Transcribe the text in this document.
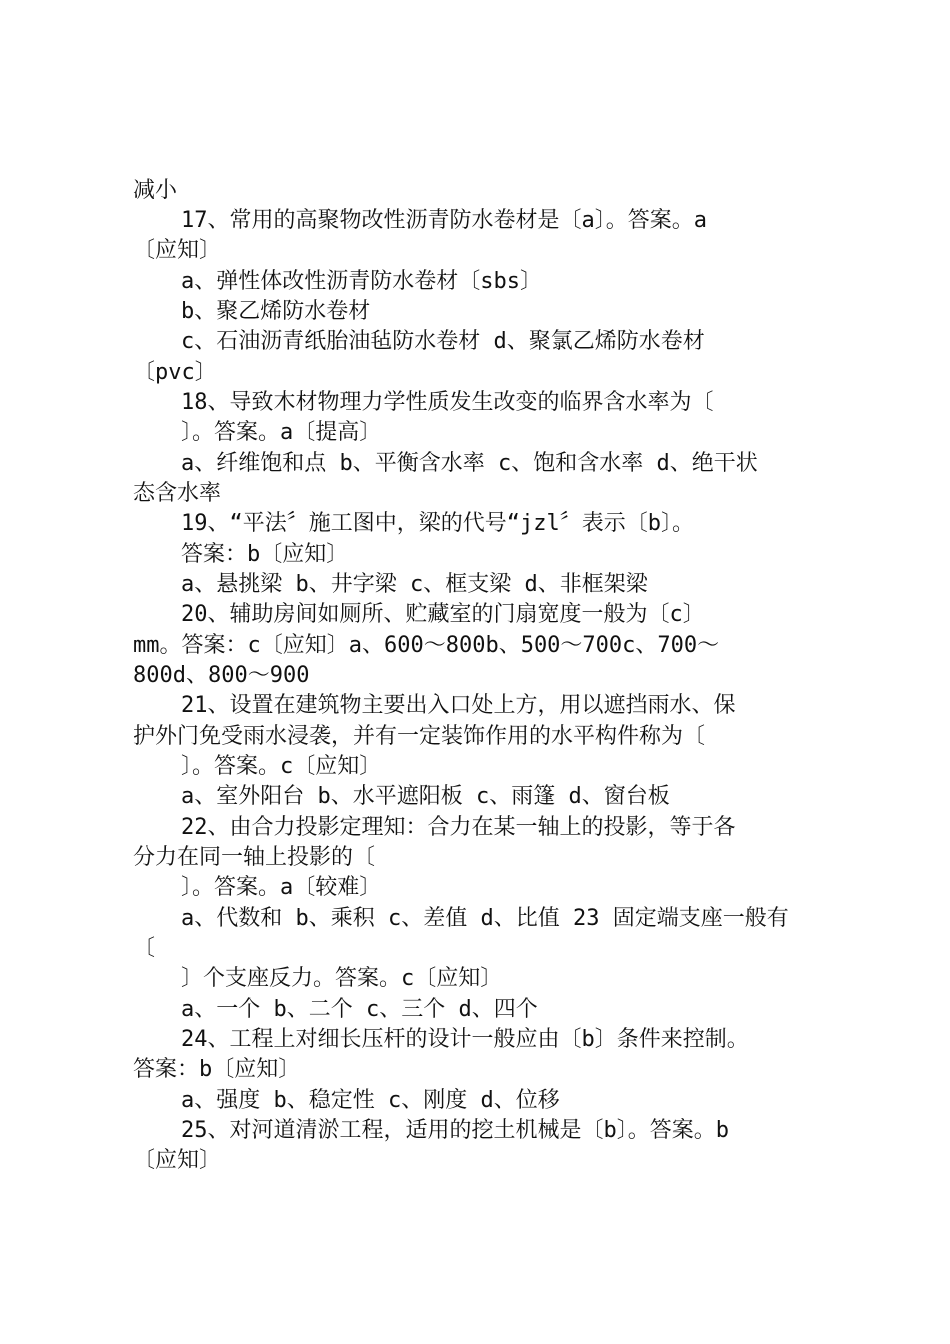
减小
17、常用的高聚物改性沥青防水卷材是〔a〕。答案。a
〔应知〕
a、弹性体改性沥青防水卷材〔sbs〕
b、聚乙烯防水卷材
c、石油沥青纸胎油毡防水卷材 d、聚氯乙烯防水卷材
〔pvc〕
18、导致木材物理力学性质发生改变的临界含水率为〔
〕。答案。a〔提高〕
a、纤维饱和点 b、平衡含水率 c、饱和含水率 d、绝干状
态含水率
19、“平法〞施工图中，梁的代号“jzl〞表示〔b〕。
答案：b〔应知〕
a、悬挑梁 b、井字梁 c、框支梁 d、非框架梁
20、辅助房间如厕所、贮藏室的门扇宽度一般为〔c〕
mm。答案：c〔应知〕a、600～800b、500～700c、700～
800d、800～900
21、设置在建筑物主要出入口处上方，用以遮挡雨水、保
护外门免受雨水浸袭，并有一定装饰作用的水平构件称为〔
〕。答案。c〔应知〕
a、室外阳台 b、水平遮阳板 c、雨篷 d、窗台板
22、由合力投影定理知：合力在某一轴上的投影，等于各
分力在同一轴上投影的〔
〕。答案。a〔较难〕
a、代数和 b、乘积 c、差值 d、比值 23 固定端支座一般有
〔
〕个支座反力。答案。c〔应知〕
a、一个 b、二个 c、三个 d、四个
24、工程上对细长压杆的设计一般应由〔b〕条件来控制。
答案：b〔应知〕
a、强度 b、稳定性 c、刚度 d、位移
25、对河道清淤工程，适用的挖土机械是〔b〕。答案。b
〔应知〕
